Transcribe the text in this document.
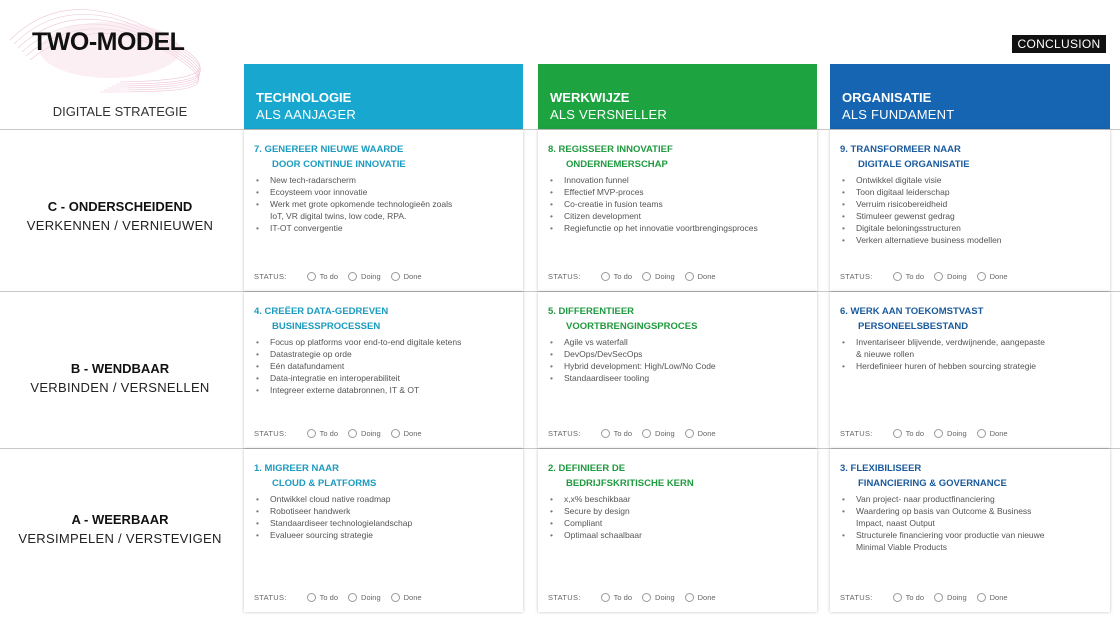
TWO-MODEL	CONCLUSION
DIGITALE STRATEGIE
TECHNOLOGIE
ALS AANJAGER
WERKWIJZE
ALS VERSNELLER
ORGANISATIE
ALS FUNDAMENT
C - ONDERSCHEIDEND
VERKENNEN / VERNIEUWEN
B - WENDBAAR
VERBINDEN / VERSNELLEN
A - WEERBAAR
VERSIMPELEN / VERSTEVIGEN
7. GENEREER NIEUWE WAARDE
DOOR CONTINUE INNOVATIE
• New tech-radarscherm
• Ecoysteem voor innovatie
• Werk met grote opkomende technologieën zoals IoT, VR digital twins, low code, RPA.
• IT-OT convergentie
STATUS:	To do	Doing	Done
8. REGISSEER INNOVATIEF
ONDERNEMERSCHAP
• Innovation funnel
• Effectief MVP-proces
• Co-creatie in fusion teams
• Citizen development
• Regiefunctie op het innovatie voortbrengingsproces
STATUS:	To do	Doing	Done
9. TRANSFORMEER NAAR
DIGITALE ORGANISATIE
• Ontwikkel digitale visie
• Toon digitaal leiderschap
• Verruim risicobereidheid
• Stimuleer gewenst gedrag
• Digitale beloningsstructuren
• Verken alternatieve business modellen
STATUS:	To do	Doing	Done
4. CREËER DATA-GEDREVEN
BUSINESSPROCESSEN
• Focus op platforms voor end-to-end digitale ketens
• Datastrategie op orde
• Eén datafundament
• Data-integratie en interoperabiliteit
• Integreer externe databronnen, IT & OT
STATUS:	To do	Doing	Done
5. DIFFERENTIEER
VOORTBRENGINGSPROCES
• Agile vs waterfall
• DevOps/DevSecOps
• Hybrid development: High/Low/No Code
• Standaardiseer tooling
STATUS:	To do	Doing	Done
6. WERK AAN TOEKOMSTVAST
PERSONEELSBESTAND
• Inventariseer blijvende, verdwijnende, aangepaste & nieuwe rollen
• Herdefinieer huren of hebben sourcing strategie
STATUS:	To do	Doing	Done
1. MIGREER NAAR
CLOUD & PLATFORMS
• Ontwikkel cloud native roadmap
• Robotiseer handwerk
• Standaardiseer technologielandschap
• Evalueer sourcing strategie
STATUS:	To do	Doing	Done
2. DEFINIEER DE
BEDRIJFSKRITISCHE KERN
• x,x% beschikbaar
• Secure by design
• Compliant
• Optimaal schaalbaar
STATUS:	To do	Doing	Done
3. FLEXIBILISEER
FINANCIERING & GOVERNANCE
• Van project- naar productfinanciering
• Waardering op basis van Outcome & Business Impact, naast Output
• Structurele financiering voor productie van nieuwe Minimal Viable Products
STATUS:	To do	Doing	Done
